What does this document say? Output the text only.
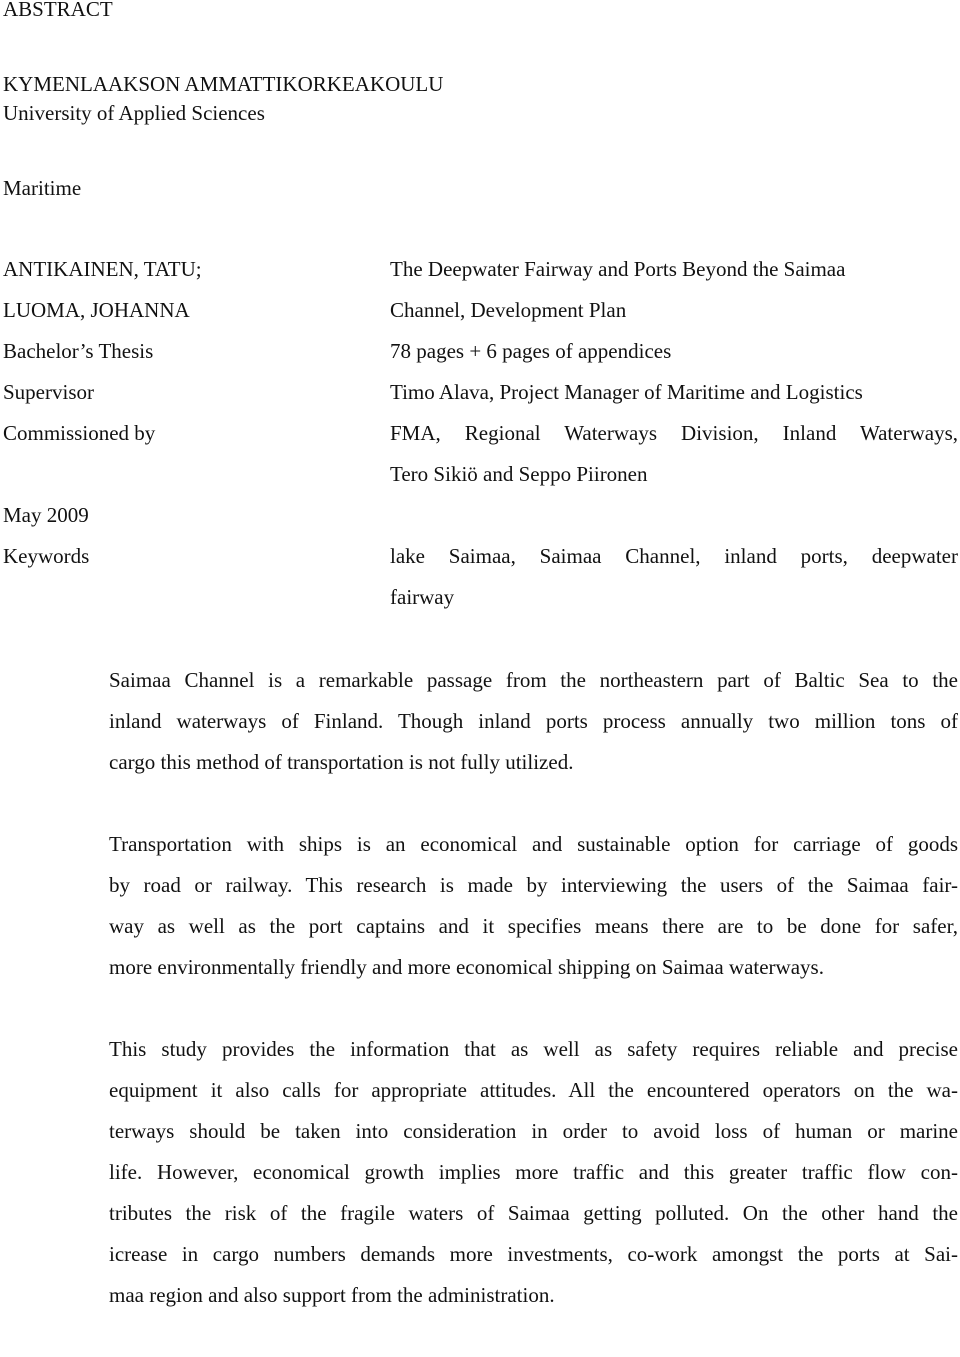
ABSTRACT
KYMENLAAKSON AMMATTIKORKEAKOULU
University of Applied Sciences
Maritime
ANTIKAINEN, TATU;
LUOMA, JOHANNA
Bachelor’s Thesis
Supervisor
Commissioned by
May 2009
Keywords
The Deepwater Fairway and Ports Beyond the Saimaa
Channel, Development Plan
78 pages + 6 pages of appendices
Timo Alava, Project Manager of Maritime and Logistics
FMA, Regional Waterways Division, Inland Waterways,
Tero Sikiö and Seppo Piironen
lake Saimaa, Saimaa Channel, inland ports, deepwater
fairway

Saimaa Channel is a remarkable passage from the northeastern part of Baltic Sea to the
inland waterways of Finland. Though inland ports process annually two million tons of
cargo this method of transportation is not fully utilized.

Transportation with ships is an economical and sustainable option for carriage of goods
by road or railway. This research is made by interviewing the users of the Saimaa fair-
way as well as the port captains and it specifies means there are to be done for safer,
more environmentally friendly and more economical shipping on Saimaa waterways.

This study provides the information that as well as safety requires reliable and precise
equipment it also calls for appropriate attitudes. All the encountered operators on the wa-
terways should be taken into consideration in order to avoid loss of human or marine
life. However, economical growth implies more traffic and this greater traffic flow con-
tributes the risk of the fragile waters of Saimaa getting polluted. On the other hand the
icrease in cargo numbers demands more investments, co-work amongst the ports at Sai-
maa region and also support from the administration.
